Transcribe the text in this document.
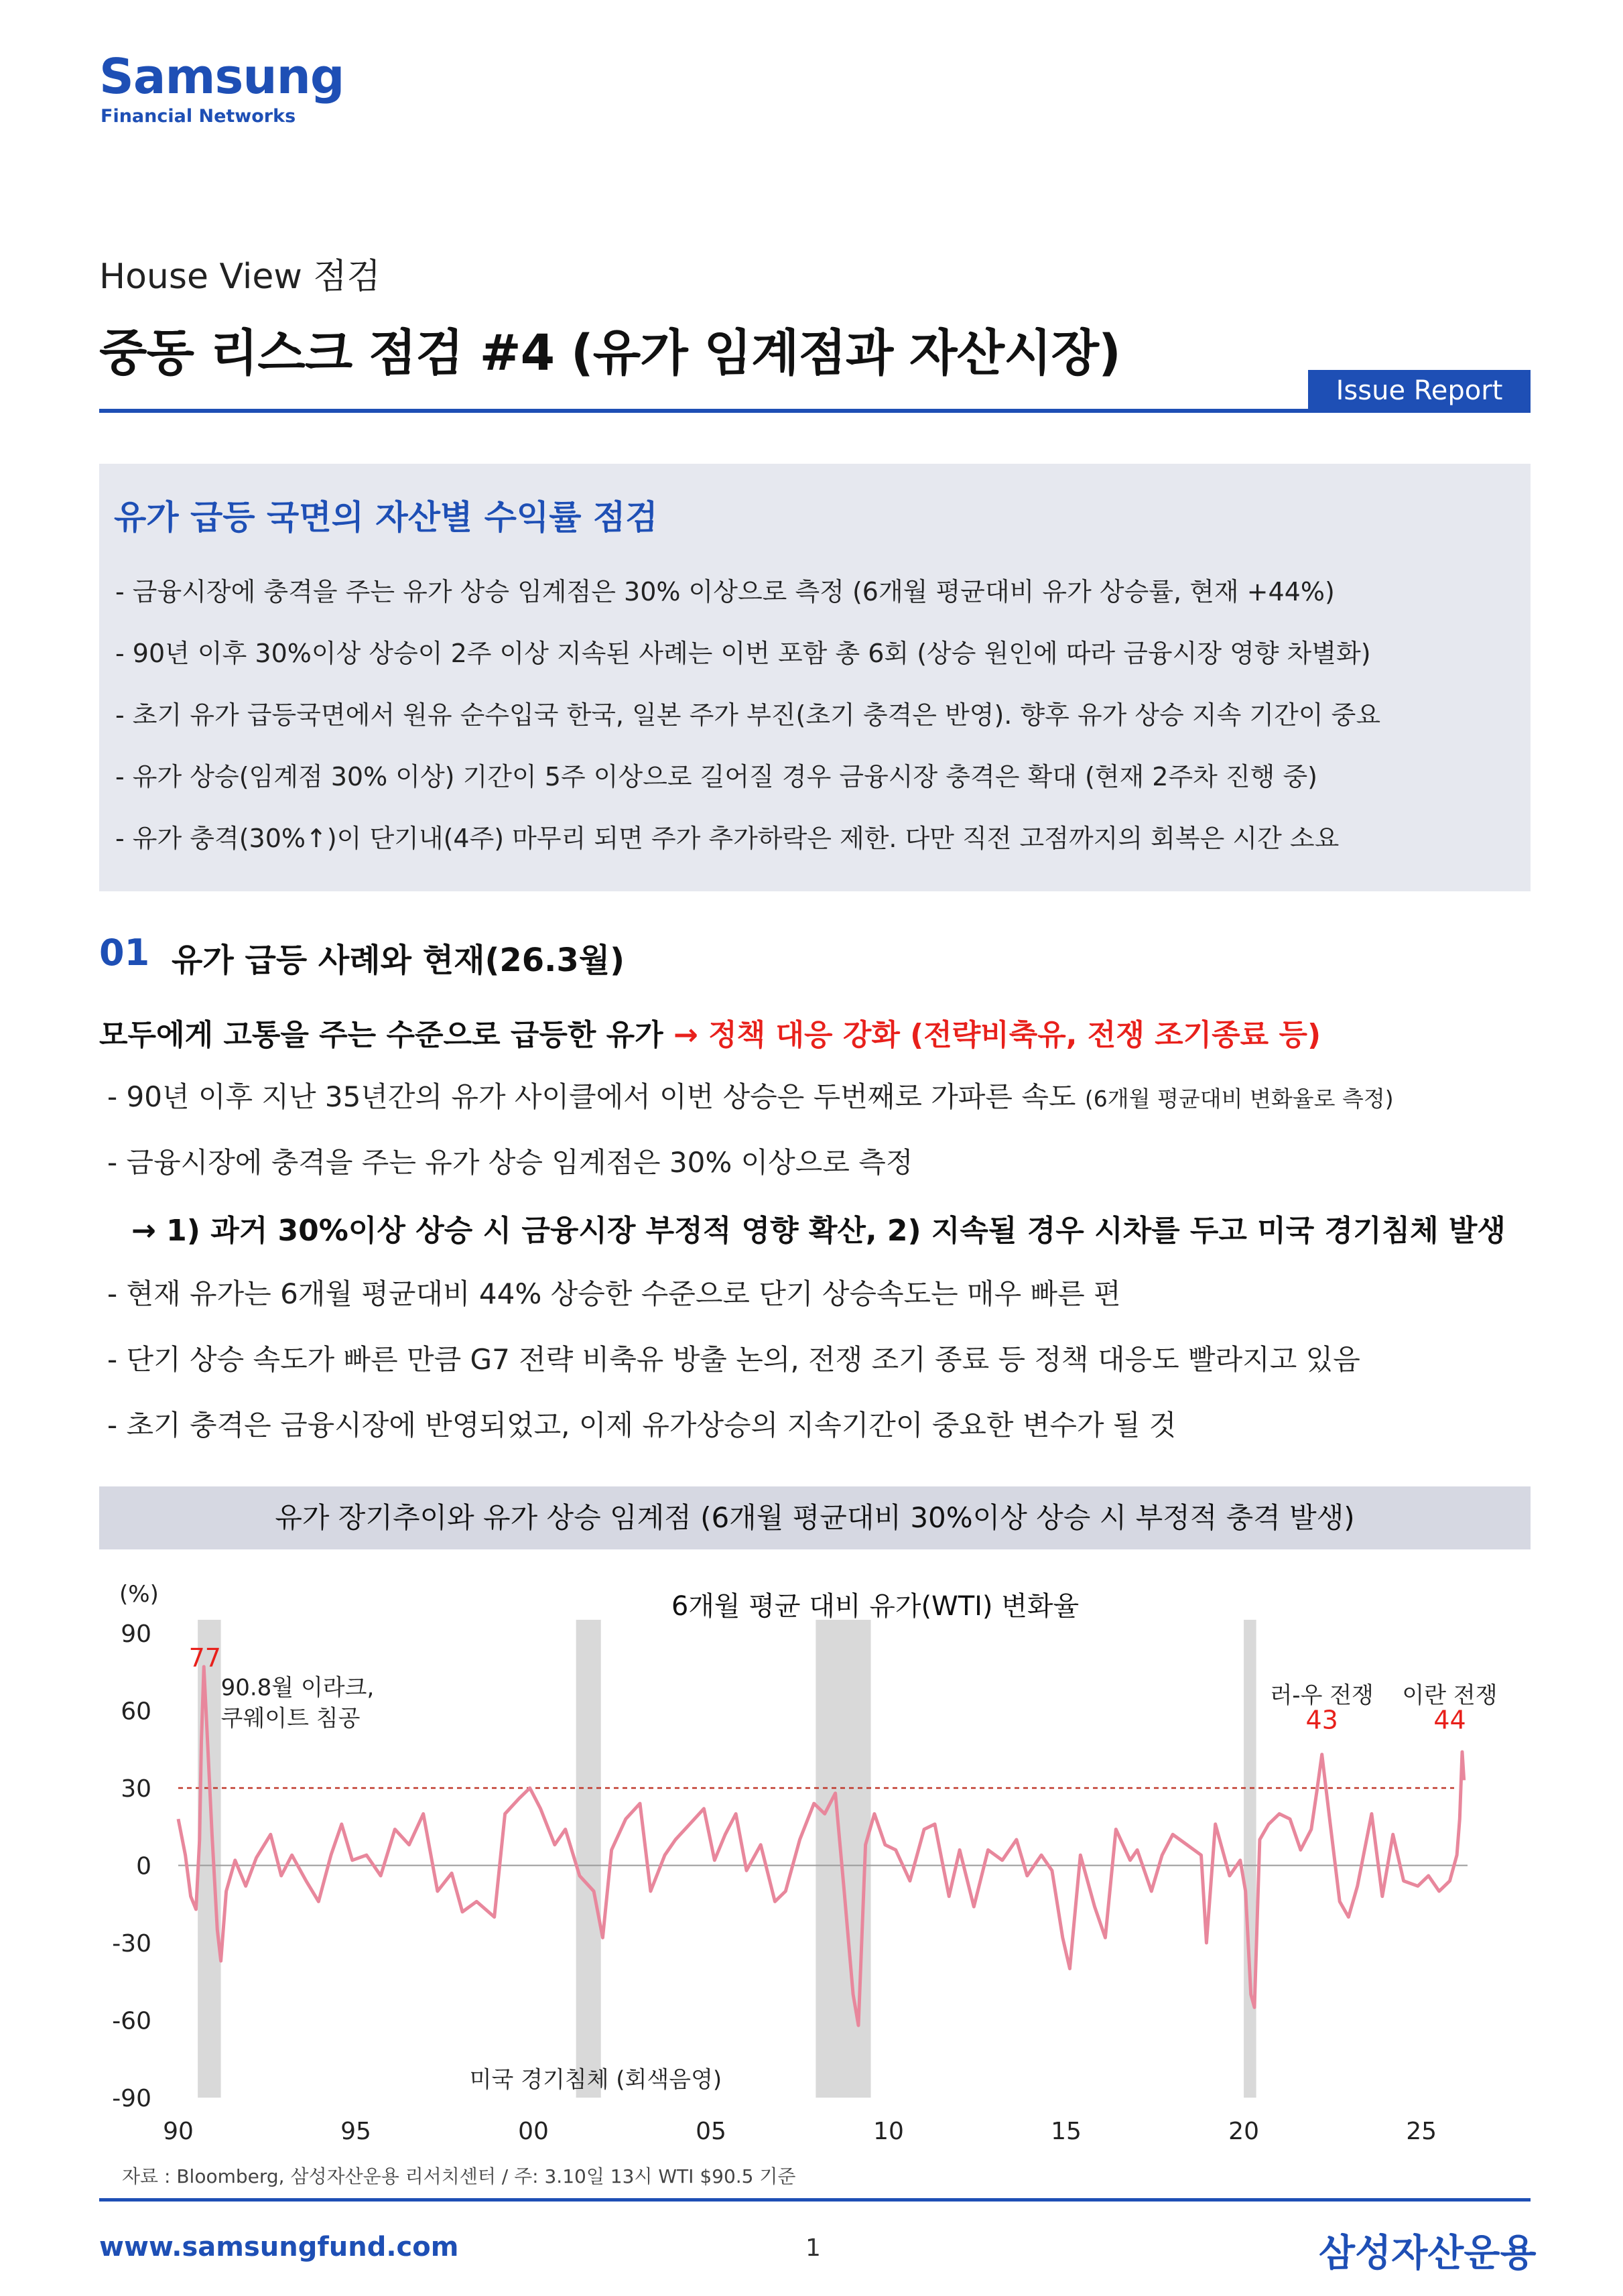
Samsung
Financial Networks
House View 점검
중동 리스크 점검 #4 (유가 임계점과 자산시장)
Issue Report
유가 급등 국면의 자산별 수익률 점검
- 금융시장에 충격을 주는 유가 상승 임계점은 30% 이상으로 측정 (6개월 평균대비 유가 상승률, 현재 +44%)
- 90년 이후 30%이상 상승이 2주 이상 지속된 사례는 이번 포함 총 6회 (상승 원인에 따라 금융시장 영향 차별화)
- 초기 유가 급등국면에서 원유 순수입국 한국, 일본 주가 부진(초기 충격은 반영). 향후 유가 상승 지속 기간이 중요
- 유가 상승(임계점 30% 이상) 기간이 5주 이상으로 길어질 경우 금융시장 충격은 확대 (현재 2주차 진행 중)
- 유가 충격(30%↑)이 단기내(4주) 마무리 되면 주가 추가하락은 제한. 다만 직전 고점까지의 회복은 시간 소요
01 유가 급등 사례와 현재(26.3월)
모두에게 고통을 주는 수준으로 급등한 유가 → 정책 대응 강화 (전략비축유, 전쟁 조기종료 등)
- 90년 이후 지난 35년간의 유가 사이클에서 이번 상승은 두번째로 가파른 속도 (6개월 평균대비 변화율로 측정)
- 금융시장에 충격을 주는 유가 상승 임계점은 30% 이상으로 측정
→ 1) 과거 30%이상 상승 시 금융시장 부정적 영향 확산, 2) 지속될 경우 시차를 두고 미국 경기침체 발생
- 현재 유가는 6개월 평균대비 44% 상승한 수준으로 단기 상승속도는 매우 빠른 편
- 단기 상승 속도가 빠른 만큼 G7 전략 비축유 방출 논의, 전쟁 조기 종료 등 정책 대응도 빨라지고 있음
- 초기 충격은 금융시장에 반영되었고, 이제 유가상승의 지속기간이 중요한 변수가 될 것
유가 장기추이와 유가 상승 임계점 (6개월 평균대비 30%이상 상승 시 부정적 충격 발생)
90
60
30
0
-30
-60
-90
90	95	00	05	10	15	20	25
77
90.8월 이라크,
쿠웨이트 침공
러-우 전쟁
43
이란 전쟁
44
미국 경기침체 (회색음영)
6개월 평균 대비 유가(WTI) 변화율
(%)
자료 : Bloomberg, 삼성자산운용 리서치센터 / 주: 3.10일 13시 WTI $90.5 기준
www.samsungfund.com	1	삼성자산운용
